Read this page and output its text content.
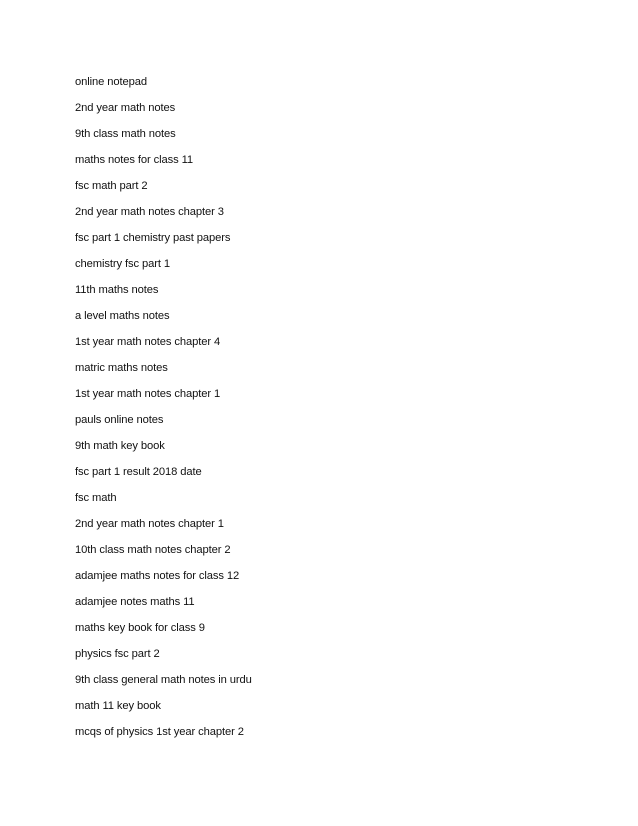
online notepad
2nd year math notes
9th class math notes
maths notes for class 11
fsc math part 2
2nd year math notes chapter 3
fsc part 1 chemistry past papers
chemistry fsc part 1
11th maths notes
a level maths notes
1st year math notes chapter 4
matric maths notes
1st year math notes chapter 1
pauls online notes
9th math key book
fsc part 1 result 2018 date
fsc math
2nd year math notes chapter 1
10th class math notes chapter 2
adamjee maths notes for class 12
adamjee notes maths 11
maths key book for class 9
physics fsc part 2
9th class general math notes in urdu
math 11 key book
mcqs of physics 1st year chapter 2
